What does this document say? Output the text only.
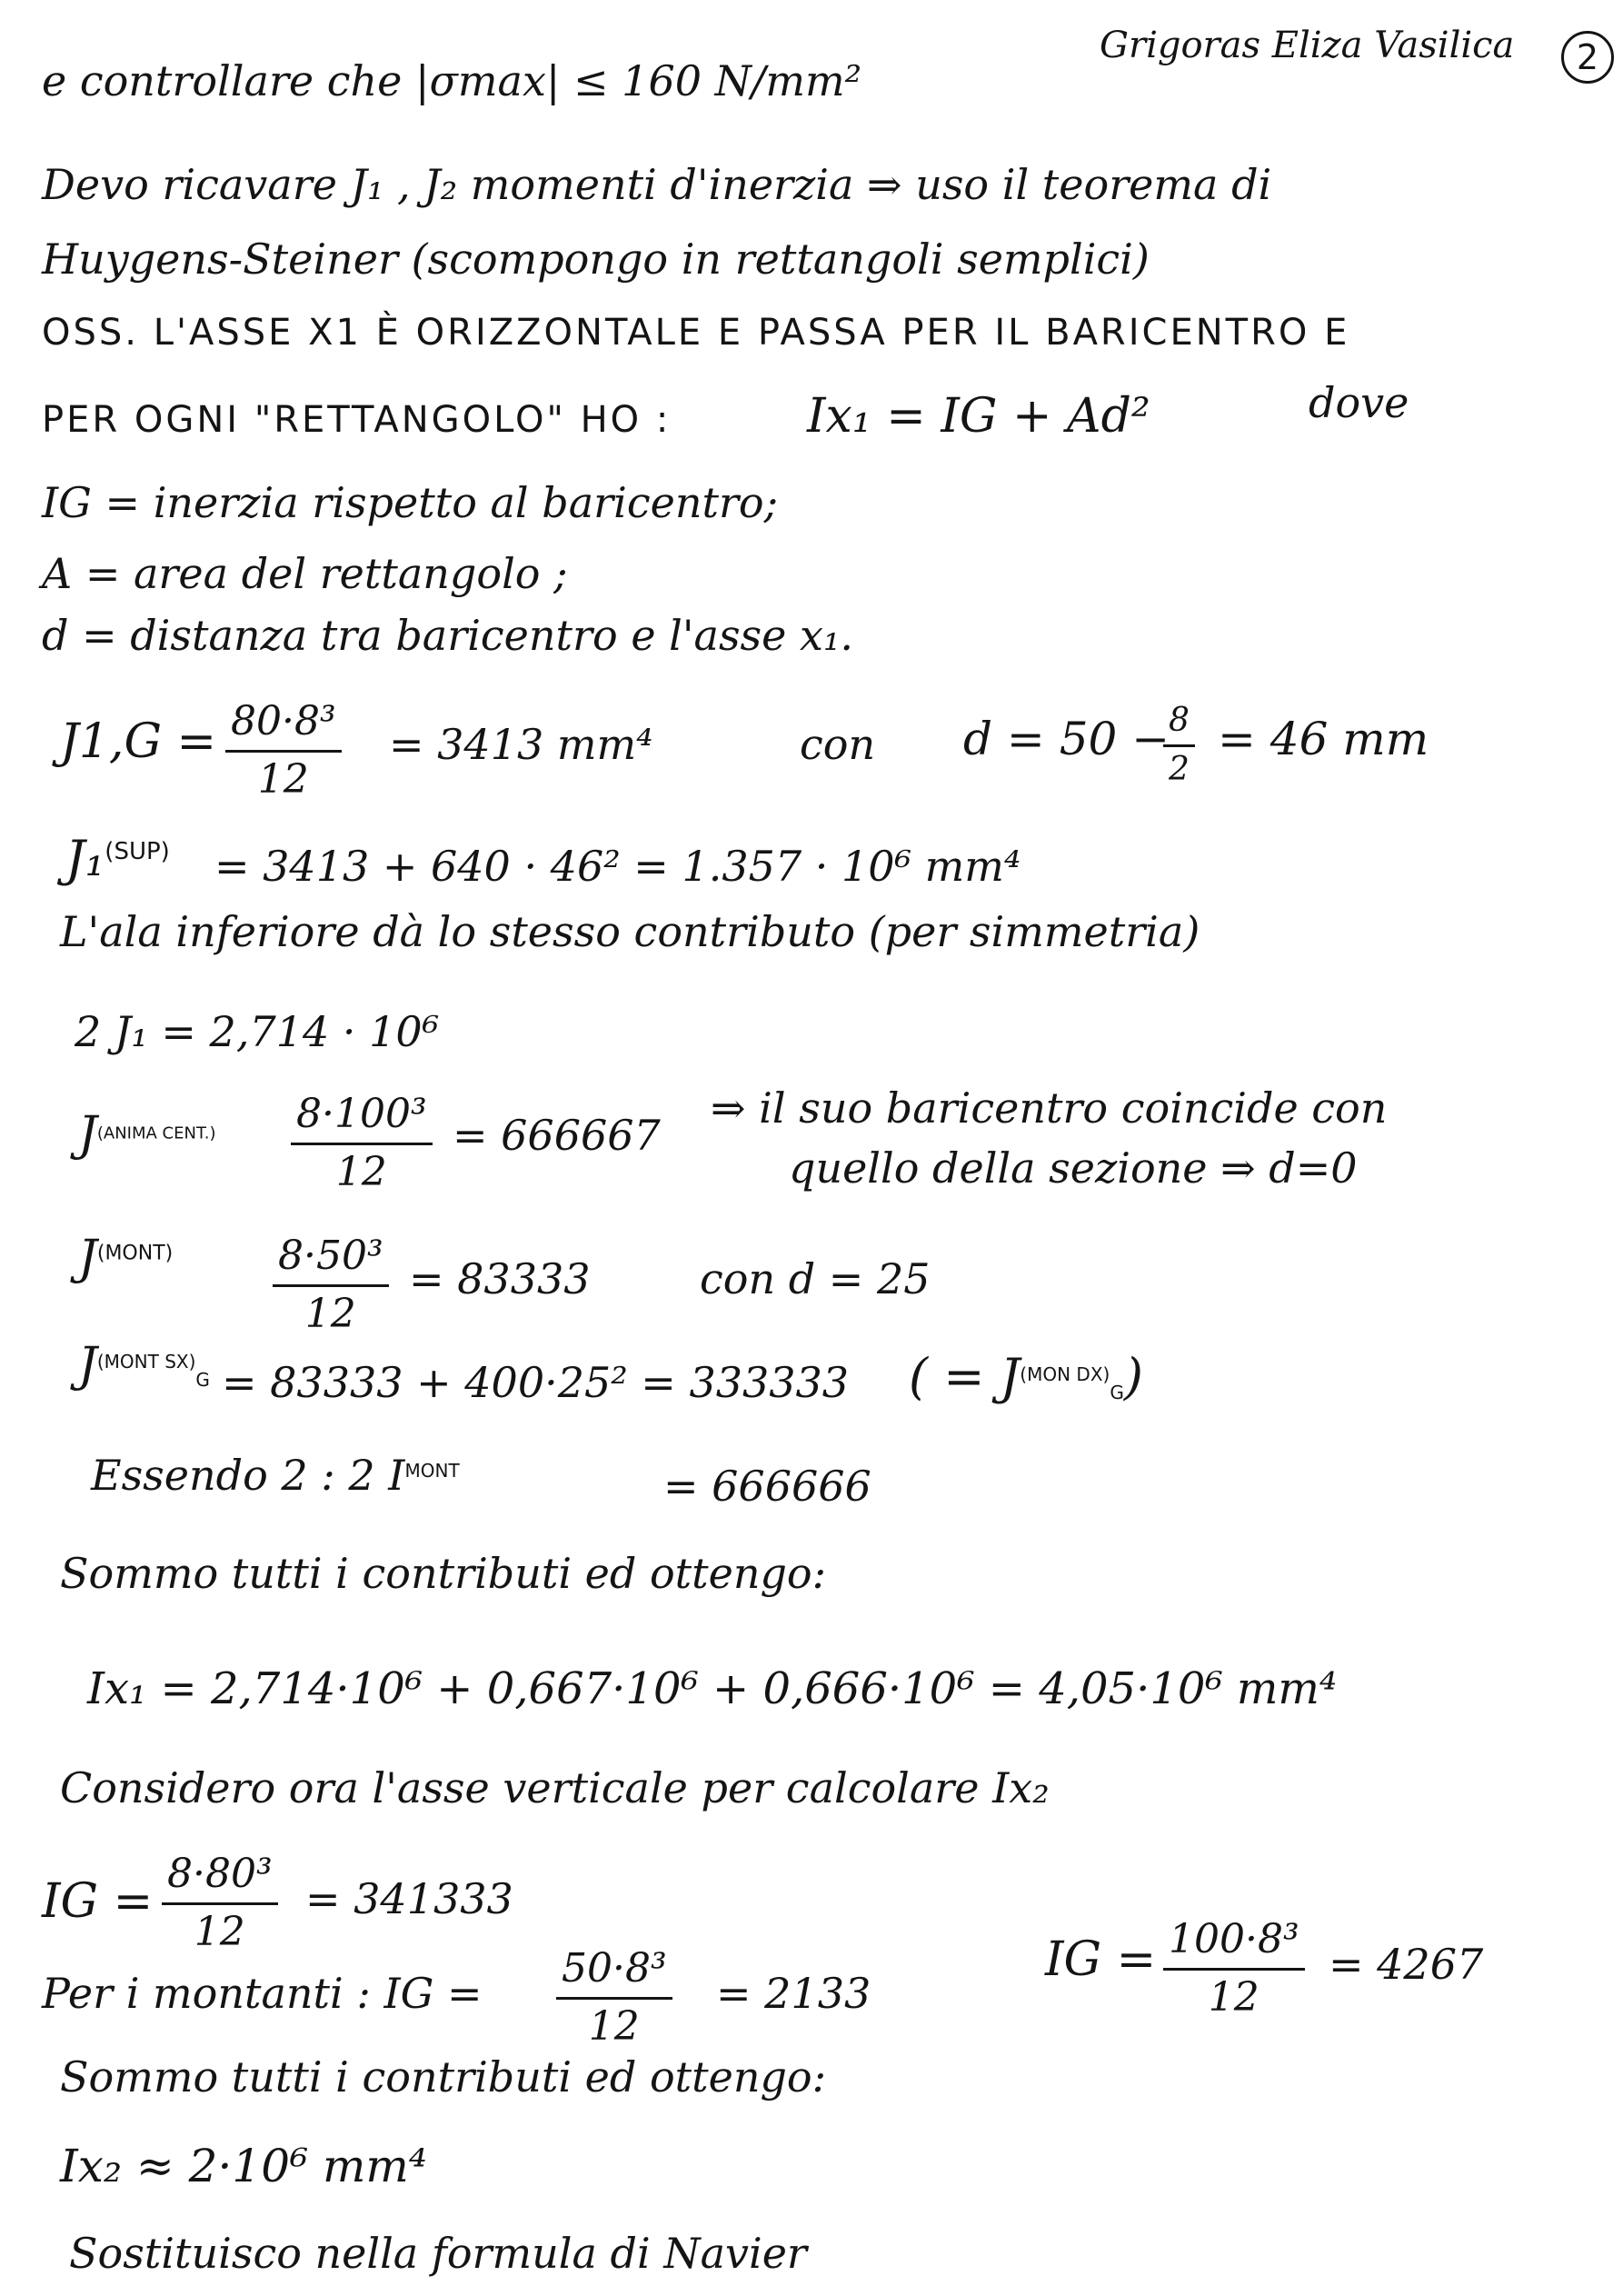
Grigoras Eliza Vasilica	2
e controllare che |σmax| ≤ 160 N/mm²
Devo ricavare J₁ , J₂ momenti d'inerzia ⇒ uso il teorema di
Huygens-Steiner (scompongo in rettangoli semplici)
OSS. L'ASSE X1 È ORIZZONTALE E PASSA PER IL BARICENTRO E
PER OGNI "RETTANGOLO" HO :	Ix₁ = IG + Ad²	dove
IG = inerzia rispetto al baricentro;
A = area del rettangolo ;
d = distanza tra baricentro e l'asse x₁.
$J1,G = \frac{\text{80·8³}}{12} = 3413$ mm⁴	con d = 50 −
$\frac{8}{2} = 46$ mm
J₁$^{(SUP)}$ = 3413 + 640 · 46² = 1.357 · 10⁶ mm⁴
L'ala inferiore dà lo stesso contributo (per simmetria)
2 J₁ = 2,714 · 10⁶
$J^{(ANIMA CENT.)} \frac{\text{8·100³}}{12} = 666667$
⇒ il suo baricentro coincide con
quello della sezione ⇒ d=0
$J^{(MONT)} \frac{\text{8·50³}}{12} = 83333$	con d = 25
$J^{(MONT SX)}_G = 83333 + 400\cdot 25^2 = 333333$ ( = $J^{(MON DX)}_G$)
Essendo 2 : 2 $I^{MONT}$	= 666666
Sommo tutti i contributi ed ottengo:
Ix₁ = 2,714·10⁶ + 0,667·10⁶ + 0,666·10⁶ = 4,05·10⁶ mm⁴
Considero ora l'asse verticale per calcolare Ix₂
IG = $\frac{\text{8·80³}}{12} = 341333$
Per i montanti : IG = $\frac{\text{50·8³}}{12} = 2133$
IG = $\frac{\text{100·8³}}{12} = 4267$
Sommo tutti i contributi ed ottengo:
Ix₂ ≈ 2·10⁶ mm⁴
Sostituisco nella formula di Navier
